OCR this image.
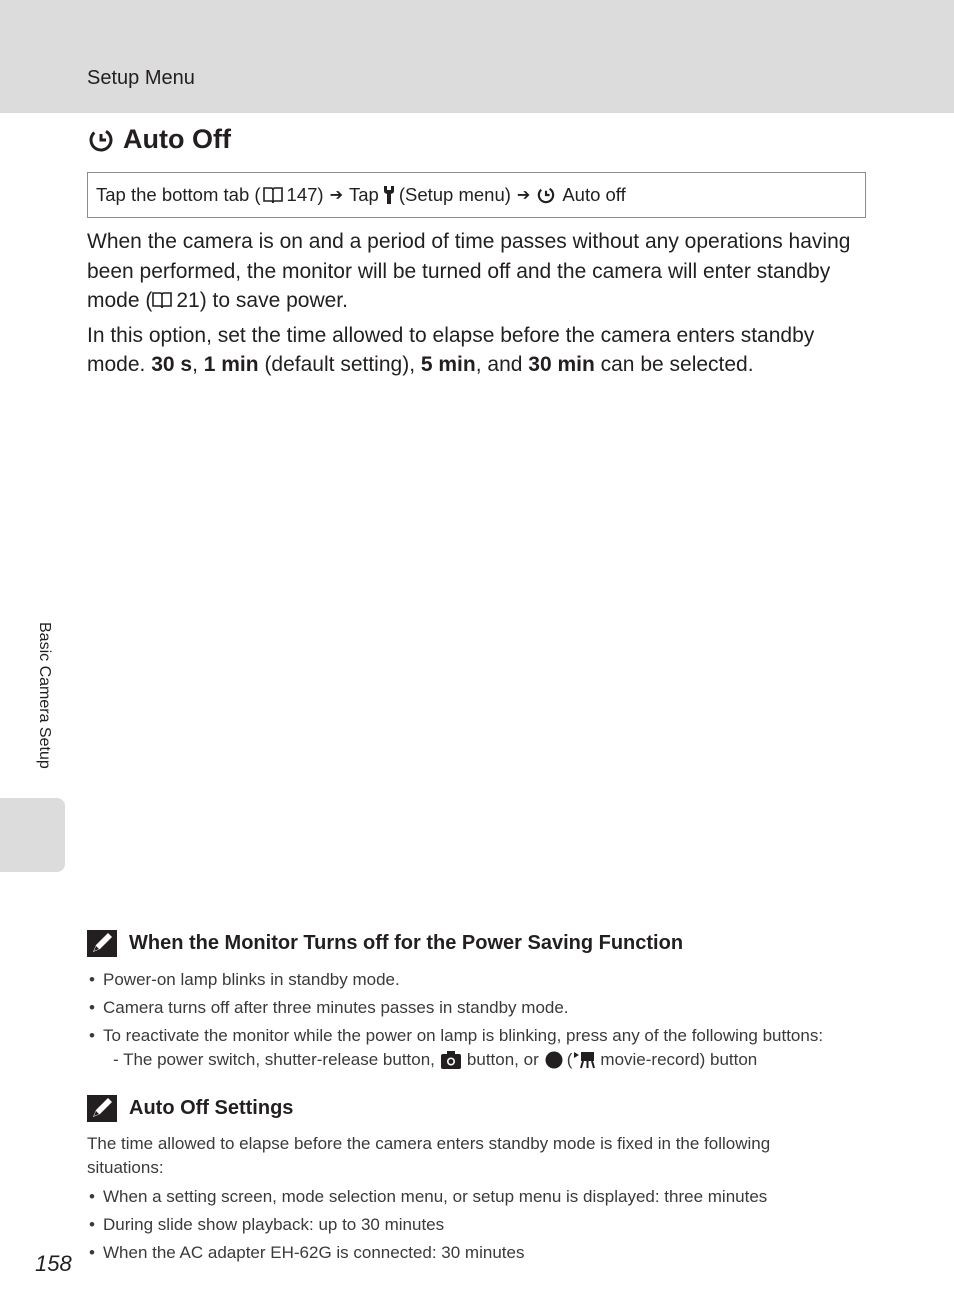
Setup Menu
Auto Off
Tap the bottom tab ( 147) ➔ Tap (Setup menu) ➔ Auto off

When the camera is on and a period of time passes without any operations having been performed, the monitor will be turned off and the camera will enter standby mode ( 21) to save power.

In this option, set the time allowed to elapse before the camera enters standby mode. 30 s, 1 min (default setting), 5 min, and 30 min can be selected.

Basic Camera Setup
When the Monitor Turns off for the Power Saving Function
• Power-on lamp blinks in standby mode.
• Camera turns off after three minutes passes in standby mode.
• To reactivate the monitor while the power on lamp is blinking, press any of the following buttons:
- The power switch, shutter-release button, button, or ( movie-record) button
Auto Off Settings
The time allowed to elapse before the camera enters standby mode is fixed in the following situations:
• When a setting screen, mode selection menu, or setup menu is displayed: three minutes
• During slide show playback: up to 30 minutes
• When the AC adapter EH-62G is connected: 30 minutes
158
